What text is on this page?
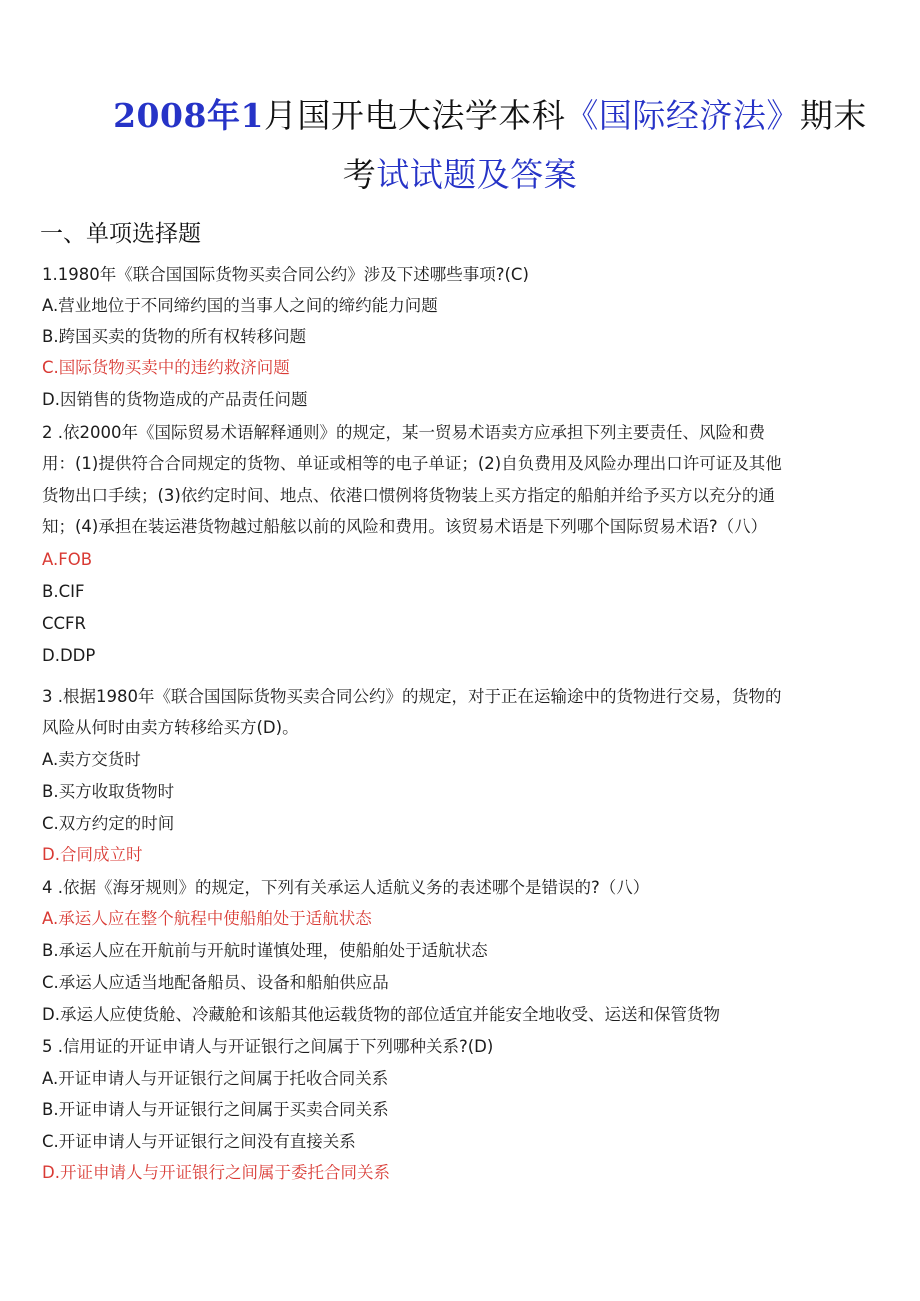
2008年1月国开电大法学本科《国际经济法》期末
考试试题及答案
一、单项选择题
1.1980年《联合国国际货物买卖合同公约》涉及下述哪些事项?(C)
A.营业地位于不同缔约国的当事人之间的缔约能力问题
B.跨国买卖的货物的所有权转移问题
C.国际货物买卖中的违约救济问题
D.因销售的货物造成的产品责任问题
2 .依2000年《国际贸易术语解释通则》的规定，某一贸易术语卖方应承担下列主要责任、风险和费
用：(1)提供符合合同规定的货物、单证或相等的电子单证；(2)自负费用及风险办理出口许可证及其他
货物出口手续；(3)依约定时间、地点、依港口惯例将货物装上买方指定的船舶并给予买方以充分的通
知；(4)承担在装运港货物越过船舷以前的风险和费用。该贸易术语是下列哪个国际贸易术语?（八）
A.FOB
B.CIF
CCFR
D.DDP
3 .根据1980年《联合国国际货物买卖合同公约》的规定，对于正在运输途中的货物进行交易，货物的
风险从何时由卖方转移给买方(D)。
A.卖方交货时
B.买方收取货物时
C.双方约定的时间
D.合同成立时
4 .依据《海牙规则》的规定，下列有关承运人适航义务的表述哪个是错误的?（八）
A.承运人应在整个航程中使船舶处于适航状态
B.承运人应在开航前与开航时谨慎处理，使船舶处于适航状态
C.承运人应适当地配备船员、设备和船舶供应品
D.承运人应使货舱、冷藏舱和该船其他运载货物的部位适宜并能安全地收受、运送和保管货物
5 .信用证的开证申请人与开证银行之间属于下列哪种关系?(D)
A.开证申请人与开证银行之间属于托收合同关系
B.开证申请人与开证银行之间属于买卖合同关系
C.开证申请人与开证银行之间没有直接关系
D.开证申请人与开证银行之间属于委托合同关系
